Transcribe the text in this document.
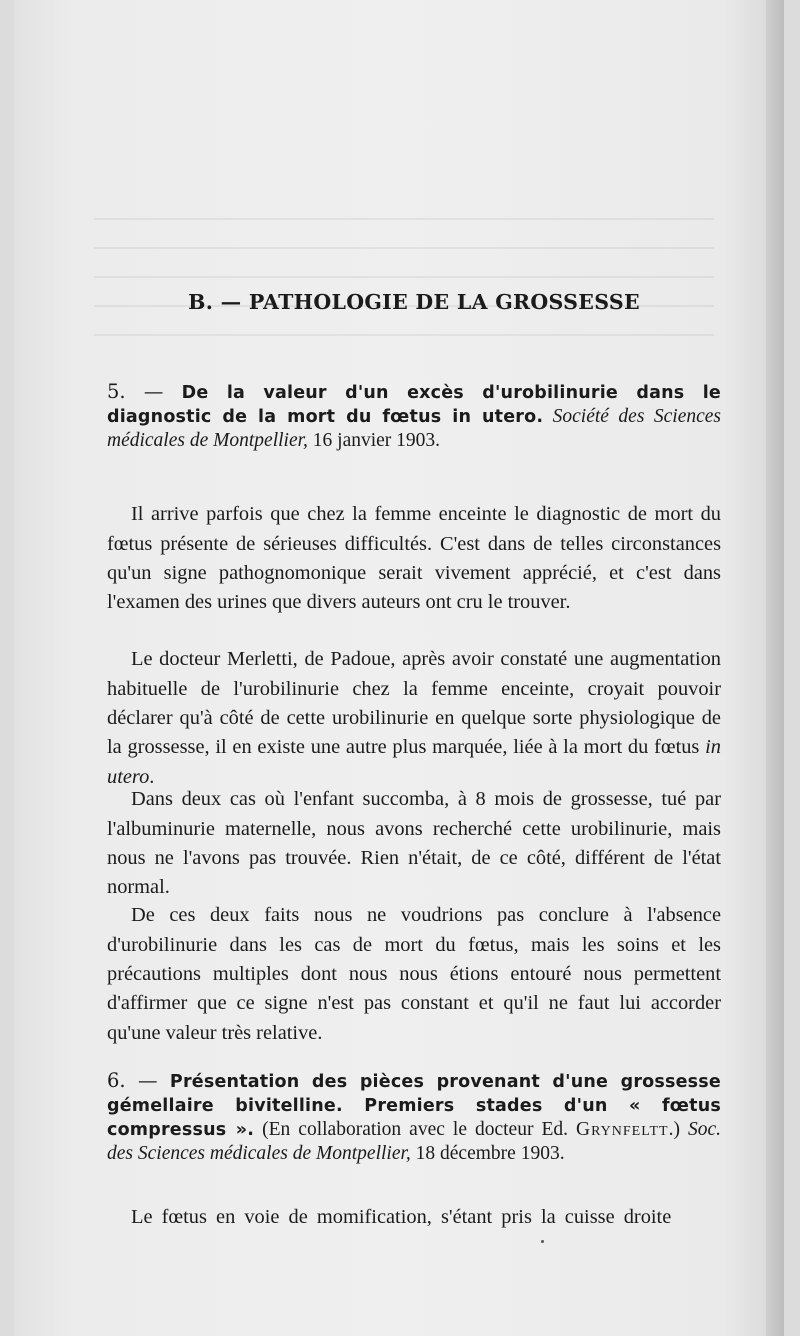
B. — PATHOLOGIE DE LA GROSSESSE
5. — De la valeur d'un excès d'urobilinurie dans le diagnostic de la mort du fœtus in utero. Société des Sciences médicales de Montpellier, 16 janvier 1903.

Il arrive parfois que chez la femme enceinte le diagnostic de mort du fœtus présente de sérieuses difficultés. C'est dans de telles circonstances qu'un signe pathognomonique serait vivement apprécié, et c'est dans l'examen des urines que divers auteurs ont cru le trouver.

Le docteur Merletti, de Padoue, après avoir constaté une augmentation habituelle de l'urobilinurie chez la femme enceinte, croyait pouvoir déclarer qu'à côté de cette urobilinurie en quelque sorte physiologique de la grossesse, il en existe une autre plus marquée, liée à la mort du fœtus in utero.

Dans deux cas où l'enfant succomba, à 8 mois de grossesse, tué par l'albuminurie maternelle, nous avons recherché cette urobilinurie, mais nous ne l'avons pas trouvée. Rien n'était, de ce côté, différent de l'état normal.

De ces deux faits nous ne voudrions pas conclure à l'absence d'urobilinurie dans les cas de mort du fœtus, mais les soins et les précautions multiples dont nous nous étions entouré nous permettent d'affirmer que ce signe n'est pas constant et qu'il ne faut lui accorder qu'une valeur très relative.

6. — Présentation des pièces provenant d'une grossesse gémellaire bivitelline. Premiers stades d'un « fœtus compressus ». (En collaboration avec le docteur Ed. Grynfeltt.) Soc. des Sciences médicales de Montpellier, 18 décembre 1903.

Le fœtus en voie de momification, s'étant pris la cuisse droite
